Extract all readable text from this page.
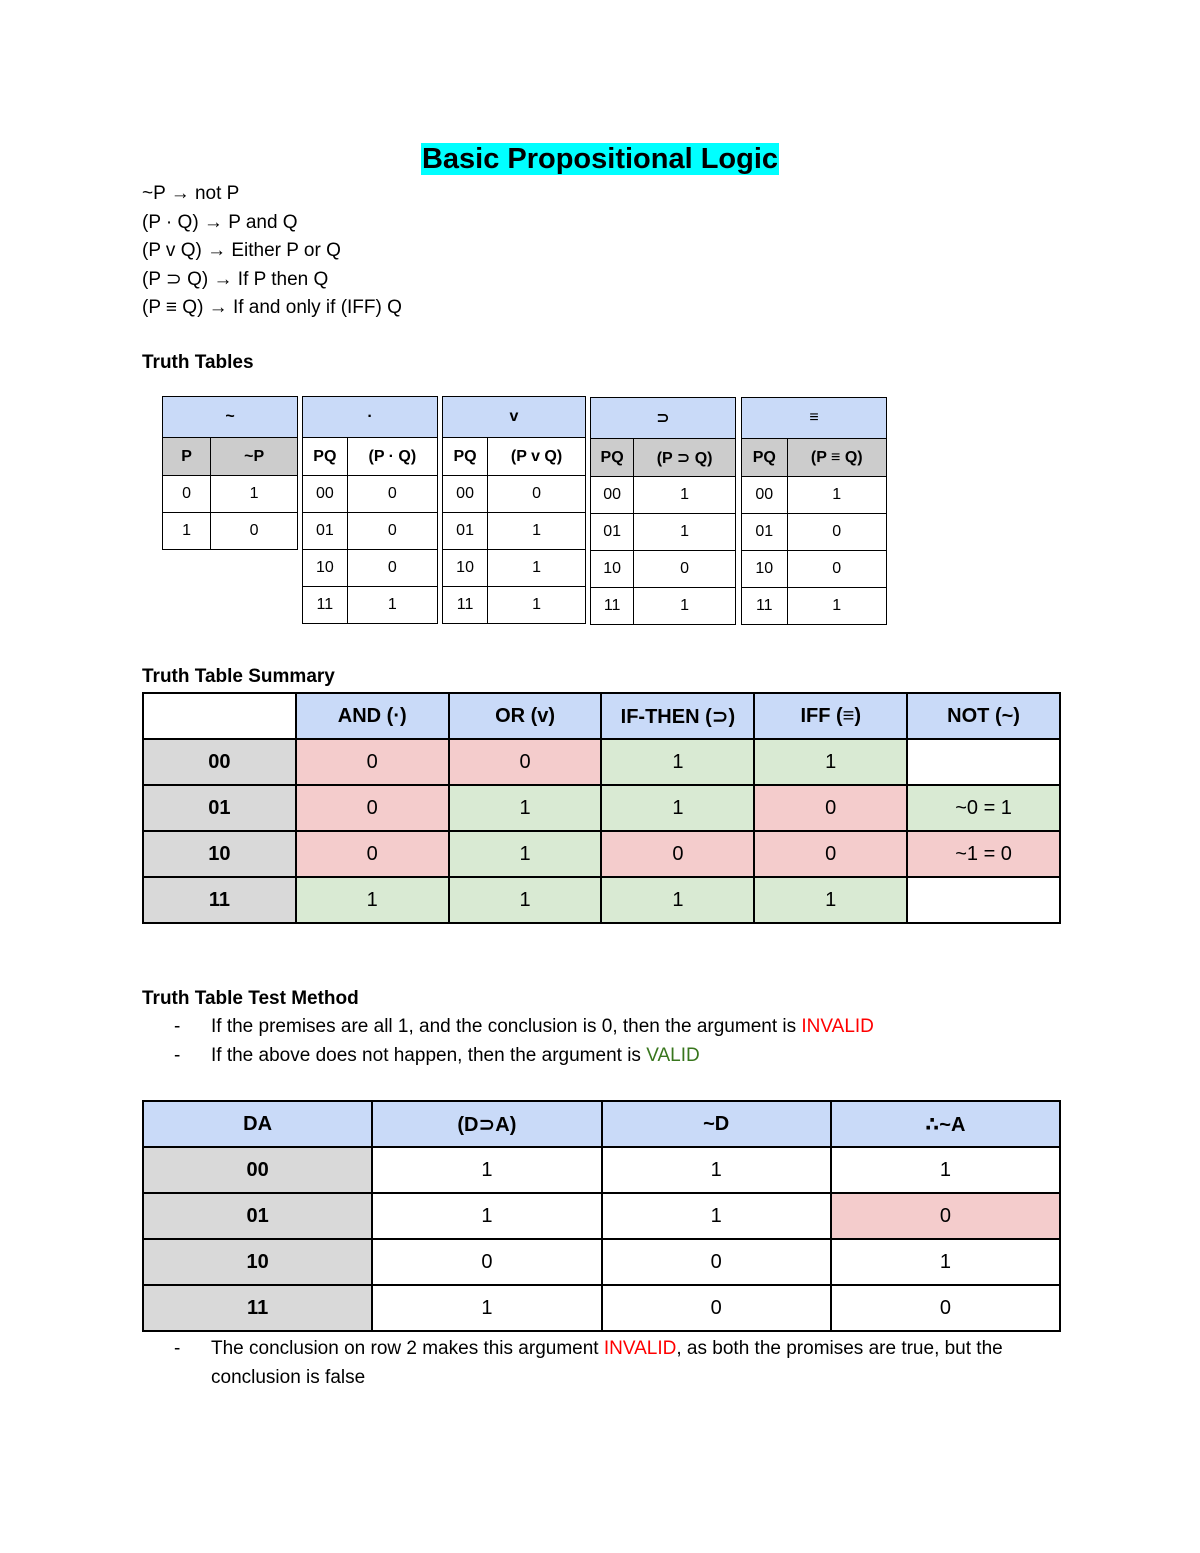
Basic Propositional Logic
~P → not P
(P · Q) → P and Q
(P v Q) → Either P or Q
(P ⊃ Q) → If P then Q
(P ≡ Q) → If and only if (IFF) Q
Truth Tables
~	
P	~P
0	1
1	0
·	
PQ	(P · Q)
00	0
01	0
10	0
11	1
v	
PQ	(P v Q)
00	0
01	1
10	1
11	1
⊃	
PQ	(P ⊃ Q)
00	1
01	1
10	0
11	1
≡	
PQ	(P ≡ Q)
00	1
01	0
10	0
11	1
Truth Table Summary
	AND (·)	OR (v)	IF-THEN (⊃)	IFF (≡)	NOT (~)
00	0	0	1	1	
01	0	1	1	0	~0 = 1
10	0	1	0	0	~1 = 0
11	1	1	1	1	
Truth Table Test Method
- If the premises are all 1, and the conclusion is 0, then the argument is INVALID
- If the above does not happen, then the argument is VALID
DA	(D⊃A)	~D	∴~A
00	1	1	1
01	1	1	0
10	0	0	1
11	1	0	0
- The conclusion on row 2 makes this argument INVALID, as both the promises are true, but the conclusion is false
